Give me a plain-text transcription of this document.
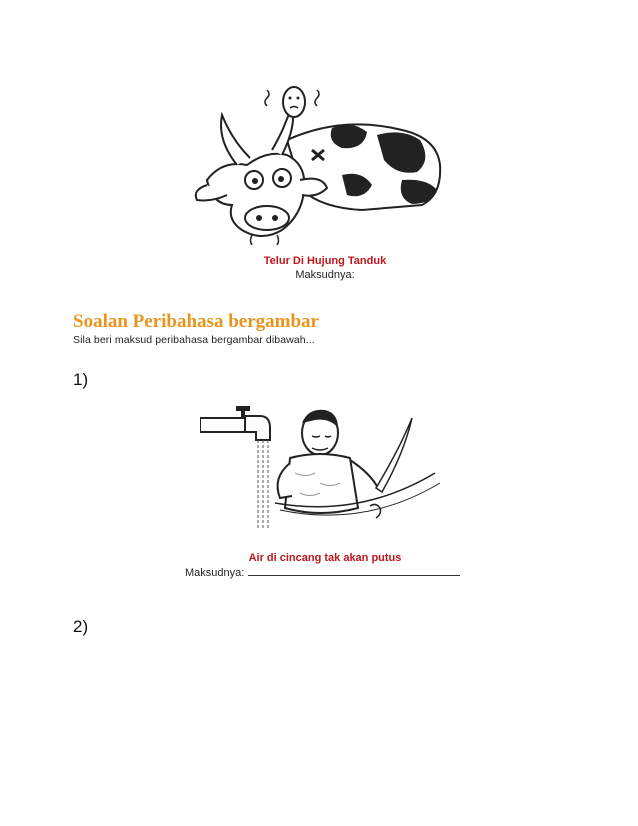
Telur Di Hujung Tanduk
Maksudnya:
Soalan Peribahasa bergambar
Sila beri maksud peribahasa bergambar dibawah...
1)
Air di cincang tak akan putus
Maksudnya:
2)
